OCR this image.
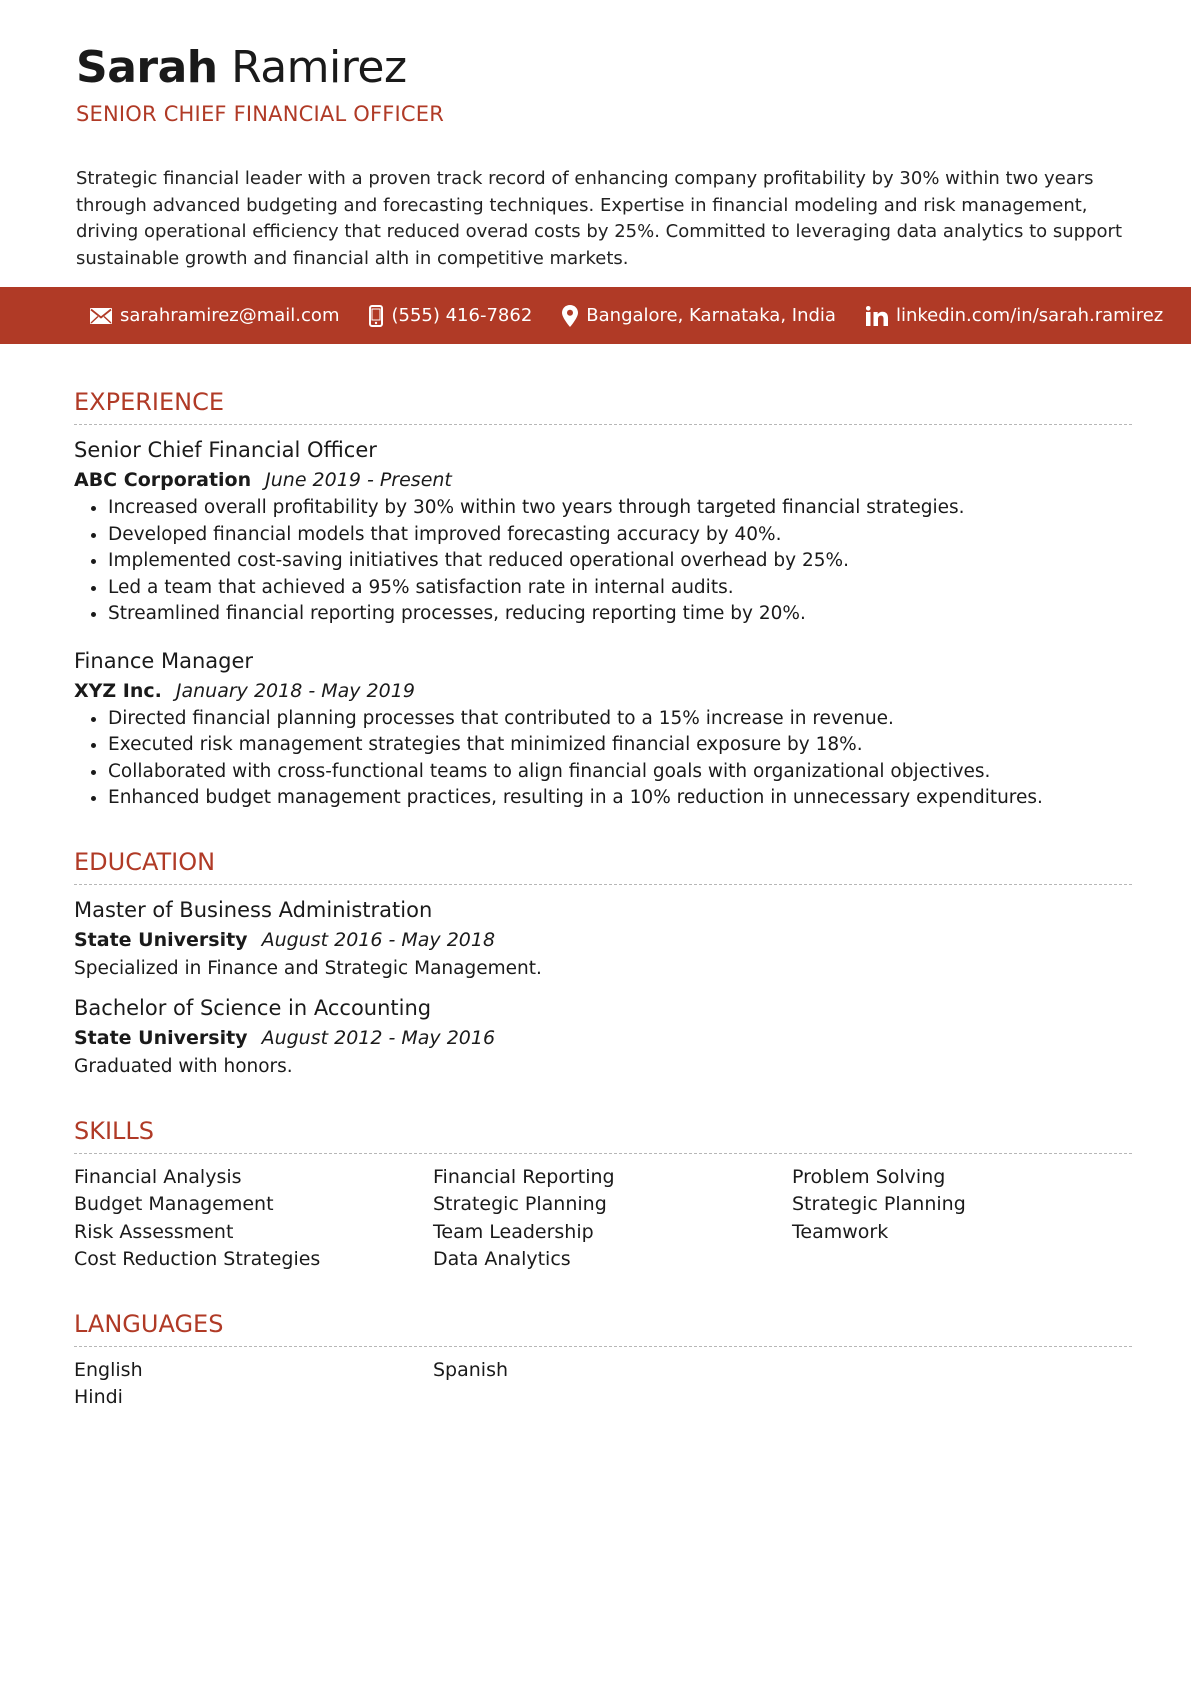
Sarah Ramirez
SENIOR CHIEF FINANCIAL OFFICER
Strategic financial leader with a proven track record of enhancing company profitability by 30% within two years through advanced budgeting and forecasting techniques. Expertise in financial modeling and risk management, driving operational efficiency that reduced overad costs by 25%. Committed to leveraging data analytics to support sustainable growth and financial alth in competitive markets.
sarahramirez@mail.com	(555) 416-7862	Bangalore, Karnataka, India	linkedin.com/in/sarah.ramirez
EXPERIENCE
Senior Chief Financial Officer
ABC Corporation June 2019 - Present
• Increased overall profitability by 30% within two years through targeted financial strategies.
• Developed financial models that improved forecasting accuracy by 40%.
• Implemented cost-saving initiatives that reduced operational overhead by 25%.
• Led a team that achieved a 95% satisfaction rate in internal audits.
• Streamlined financial reporting processes, reducing reporting time by 20%.
Finance Manager
XYZ Inc. January 2018 - May 2019
• Directed financial planning processes that contributed to a 15% increase in revenue.
• Executed risk management strategies that minimized financial exposure by 18%.
• Collaborated with cross-functional teams to align financial goals with organizational objectives.
• Enhanced budget management practices, resulting in a 10% reduction in unnecessary expenditures.
EDUCATION
Master of Business Administration
State University August 2016 - May 2018
Specialized in Finance and Strategic Management.
Bachelor of Science in Accounting
State University August 2012 - May 2016
Graduated with honors.
SKILLS
Financial Analysis	Financial Reporting	Problem Solving
Budget Management	Strategic Planning	Strategic Planning
Risk Assessment	Team Leadership	Teamwork
Cost Reduction Strategies	Data Analytics
LANGUAGES
English	Spanish
Hindi
